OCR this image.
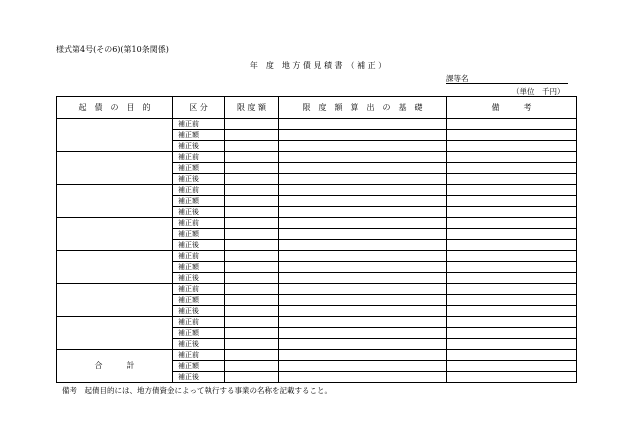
様式第4号(その6)(第10条関係)
年　度　地 方 債 見 積 書　（ 補 正 ）
課等名
（単位　千円）
起　債　の　目　的	区 分	限 度 額	限　度　額　算　出　の　基　礎	備　　　考
	補正前			
	補正額			
	補正後			
	補正前			
	補正額			
	補正後			
	補正前			
	補正額			
	補正後			
	補正前			
	補正額			
	補正後			
	補正前			
	補正額			
	補正後			
	補正前			
	補正額			
	補正後			
	補正前			
	補正額			
	補正後			
合　　　計	補正前			
	補正額			
	補正後			
備考　起債目的には、地方債資金によって執行する事業の名称を記載すること。
